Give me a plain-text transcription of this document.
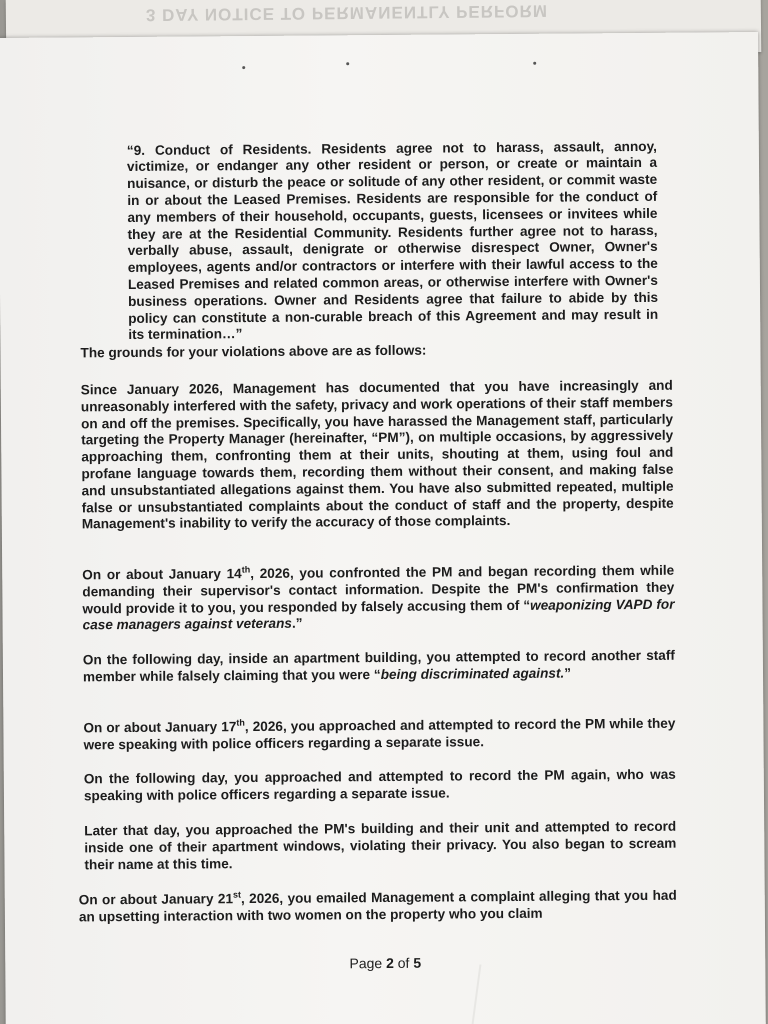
3 DAY NOTICE TO PERMANENTLY PERFORM

“9. Conduct of Residents. Residents agree not to harass, assault, annoy, victimize, or endanger any other resident or person, or create or maintain a nuisance, or disturb the peace or solitude of any other resident, or commit waste in or about the Leased Premises. Residents are responsible for the conduct of any members of their household, occupants, guests, licensees or invitees while they are at the Residential Community. Residents further agree not to harass, verbally abuse, assault, denigrate or otherwise disrespect Owner, Owner's employees, agents and/or contractors or interfere with their lawful access to the Leased Premises and related common areas, or otherwise interfere with Owner's business operations. Owner and Residents agree that failure to abide by this policy can constitute a non-curable breach of this Agreement and may result in its termination…”

The grounds for your violations above are as follows:

Since January 2026, Management has documented that you have increasingly and unreasonably interfered with the safety, privacy and work operations of their staff members on and off the premises. Specifically, you have harassed the Management staff, particularly targeting the Property Manager (hereinafter, “PM”), on multiple occasions, by aggressively approaching them, confronting them at their units, shouting at them, using foul and profane language towards them, recording them without their consent, and making false and unsubstantiated allegations against them. You have also submitted repeated, multiple false or unsubstantiated complaints about the conduct of staff and the property, despite Management's inability to verify the accuracy of those complaints.

On or about January 14th, 2026, you confronted the PM and began recording them while demanding their supervisor's contact information. Despite the PM's confirmation they would provide it to you, you responded by falsely accusing them of “weaponizing VAPD for case managers against veterans.”

On the following day, inside an apartment building, you attempted to record another staff member while falsely claiming that you were “being discriminated against.”

On or about January 17th, 2026, you approached and attempted to record the PM while they were speaking with police officers regarding a separate issue.

On the following day, you approached and attempted to record the PM again, who was speaking with police officers regarding a separate issue.

Later that day, you approached the PM's building and their unit and attempted to record inside one of their apartment windows, violating their privacy. You also began to scream their name at this time.

On or about January 21st, 2026, you emailed Management a complaint alleging that you had an upsetting interaction with two women on the property who you claim

Page 2 of 5
